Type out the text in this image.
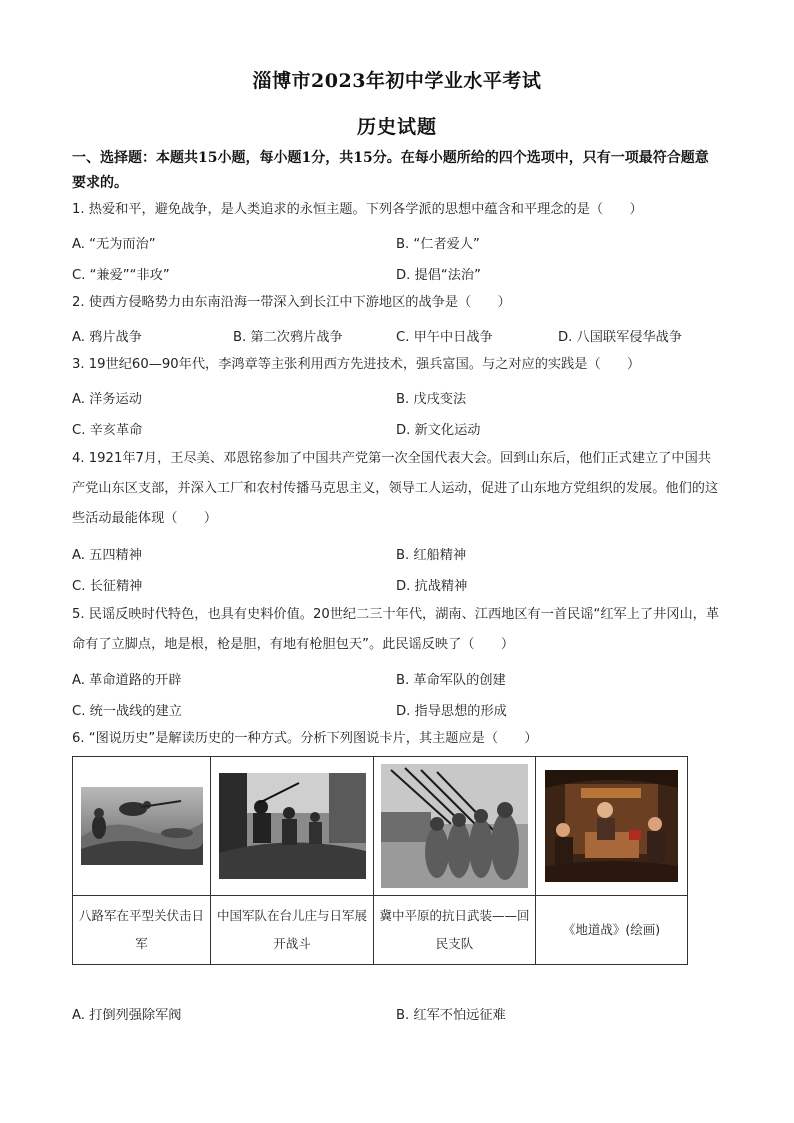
淄博市2023年初中学业水平考试
历史试题
一、选择题：本题共15小题，每小题1分，共15分。在每小题所给的四个选项中，只有一项最符合题意要求的。
1. 热爱和平，避免战争，是人类追求的永恒主题。下列各学派的思想中蕴含和平理念的是（　　）
A. “无为而治”	B. “仁者爱人”
C. “兼爱”“非攻”	D. 提倡“法治”
2. 使西方侵略势力由东南沿海一带深入到长江中下游地区的战争是（　　）
A. 鸦片战争	B. 第二次鸦片战争	C. 甲午中日战争	D. 八国联军侵华战争
3. 19世纪60—90年代，李鸿章等主张利用西方先进技术，强兵富国。与之对应的实践是（　　）
A. 洋务运动	B. 戊戌变法
C. 辛亥革命	D. 新文化运动
4. 1921年7月，王尽美、邓恩铭参加了中国共产党第一次全国代表大会。回到山东后，他们正式建立了中国共产党山东区支部，并深入工厂和农村传播马克思主义，领导工人运动，促进了山东地方党组织的发展。他们的这些活动最能体现（　　）
A. 五四精神	B. 红船精神
C. 长征精神	D. 抗战精神
5. 民谣反映时代特色，也具有史料价值。20世纪二三十年代，湖南、江西地区有一首民谣“红军上了井冈山，革命有了立脚点，地是根，枪是胆，有地有枪胆包天”。此民谣反映了（　　）
A. 革命道路的开辟	B. 革命军队的创建
C. 统一战线的建立	D. 指导思想的形成
6. “图说历史”是解读历史的一种方式。分析下列图说卡片，其主题应是（　　）

八路军在平型关伏击日军	中国军队在台儿庄与日军展开战斗	冀中平原的抗日武装——回民支队	《地道战》(绘画)
A. 打倒列强除军阀	B. 红军不怕远征难
